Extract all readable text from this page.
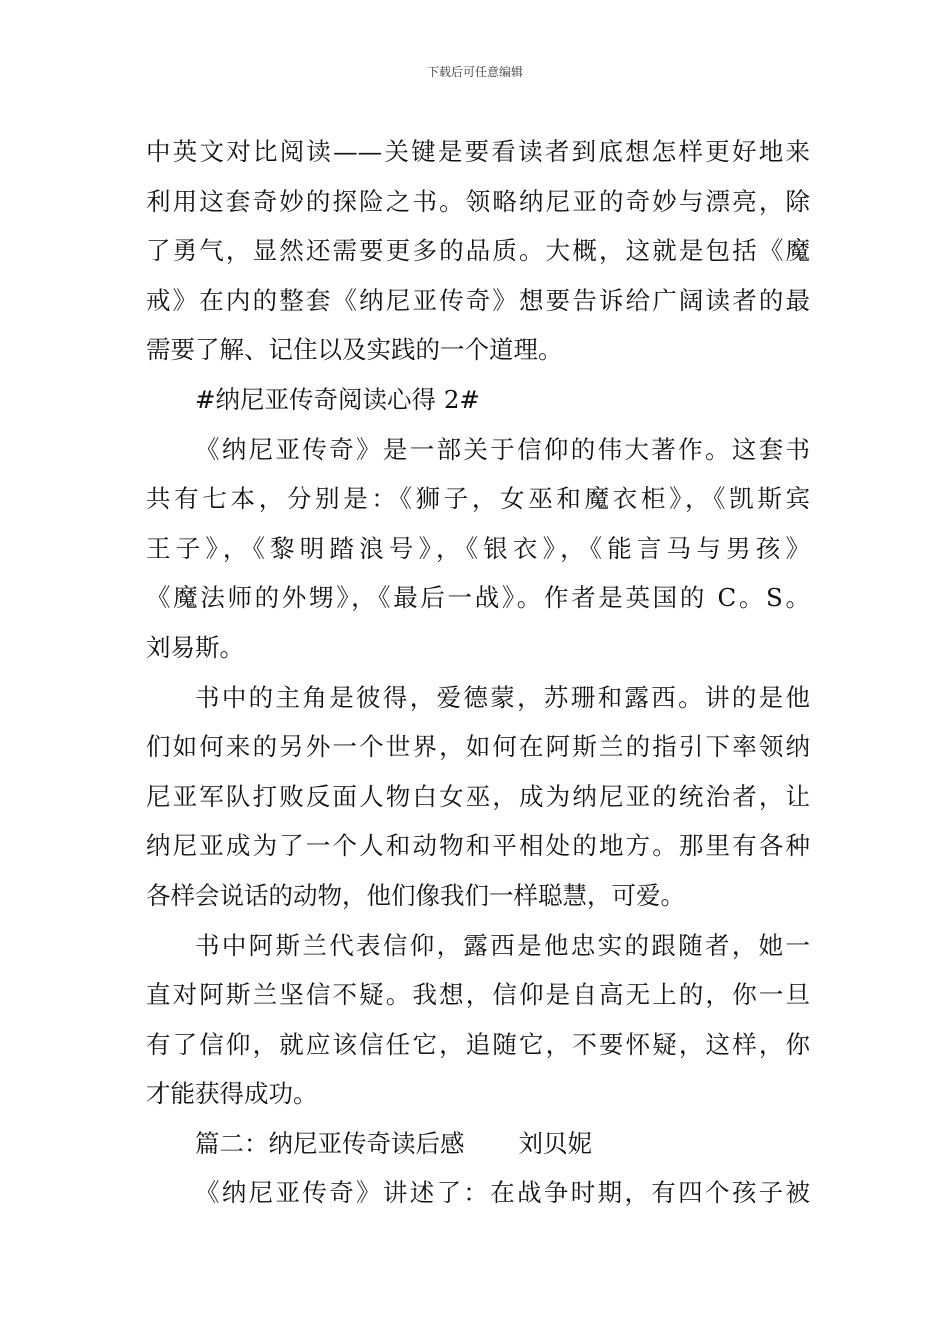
下载后可任意编辑
中英文对比阅读——关键是要看读者到底想怎样更好地来
利用这套奇妙的探险之书。领略纳尼亚的奇妙与漂亮，除
了勇气，显然还需要更多的品质。大概，这就是包括《魔
戒》在内的整套《纳尼亚传奇》想要告诉给广阔读者的最
需要了解、记住以及实践的一个道理。
#纳尼亚传奇阅读心得 2#
《纳尼亚传奇》是一部关于信仰的伟大著作。这套书
共有七本，分别是：《狮子，女巫和魔衣柜》，《凯斯宾
王子》，《黎明踏浪号》，《银衣》，《能言马与男孩》
《魔法师的外甥》，《最后一战》。作者是英国的 C。S。
刘易斯。
书中的主角是彼得，爱德蒙，苏珊和露西。讲的是他
们如何来的另外一个世界，如何在阿斯兰的指引下率领纳
尼亚军队打败反面人物白女巫，成为纳尼亚的统治者，让
纳尼亚成为了一个人和动物和平相处的地方。那里有各种
各样会说话的动物，他们像我们一样聪慧，可爱。
书中阿斯兰代表信仰，露西是他忠实的跟随者，她一
直对阿斯兰坚信不疑。我想，信仰是自高无上的，你一旦
有了信仰，就应该信任它，追随它，不要怀疑，这样，你
才能获得成功。
篇二：纳尼亚传奇读后感 刘贝妮
《纳尼亚传奇》讲述了：在战争时期，有四个孩子被
